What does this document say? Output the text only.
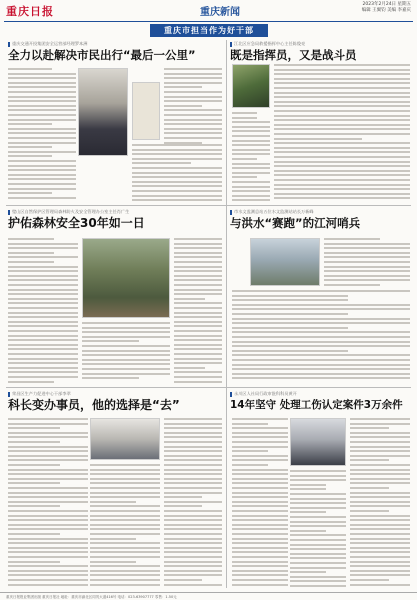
重庆日报	重庆新闻
2023年2月24日 星期五
编辑 王翼钧 美编 李嘉庆
重庆市担当作为好干部
重庆交通开投集团安全运营部经理罗本洲
全力以赴解决市民出行“最后一公里”
江北区应急局救援指挥中心主任陈俊亮
既是指挥员，又是战斗员
璧山区自然保护区管理局森林防火及安全管理办公室主任肖广生
护佑森林安全30年如一日
市水文监测总站五位水文监测站站长万新峰
与洪水“赛跑”的江河哨兵
荣昌区生产力促进中心干部李翠
科长变办事员，他的选择是“去”
永川区人社局行政审批科科员黄开
14年坚守 处理工伤认定案件3万余件
重庆日报报业集团出版 重庆日报社 地址：重庆市渝北区同茂大道416号 电话：023-63907777 零售：1.50元
